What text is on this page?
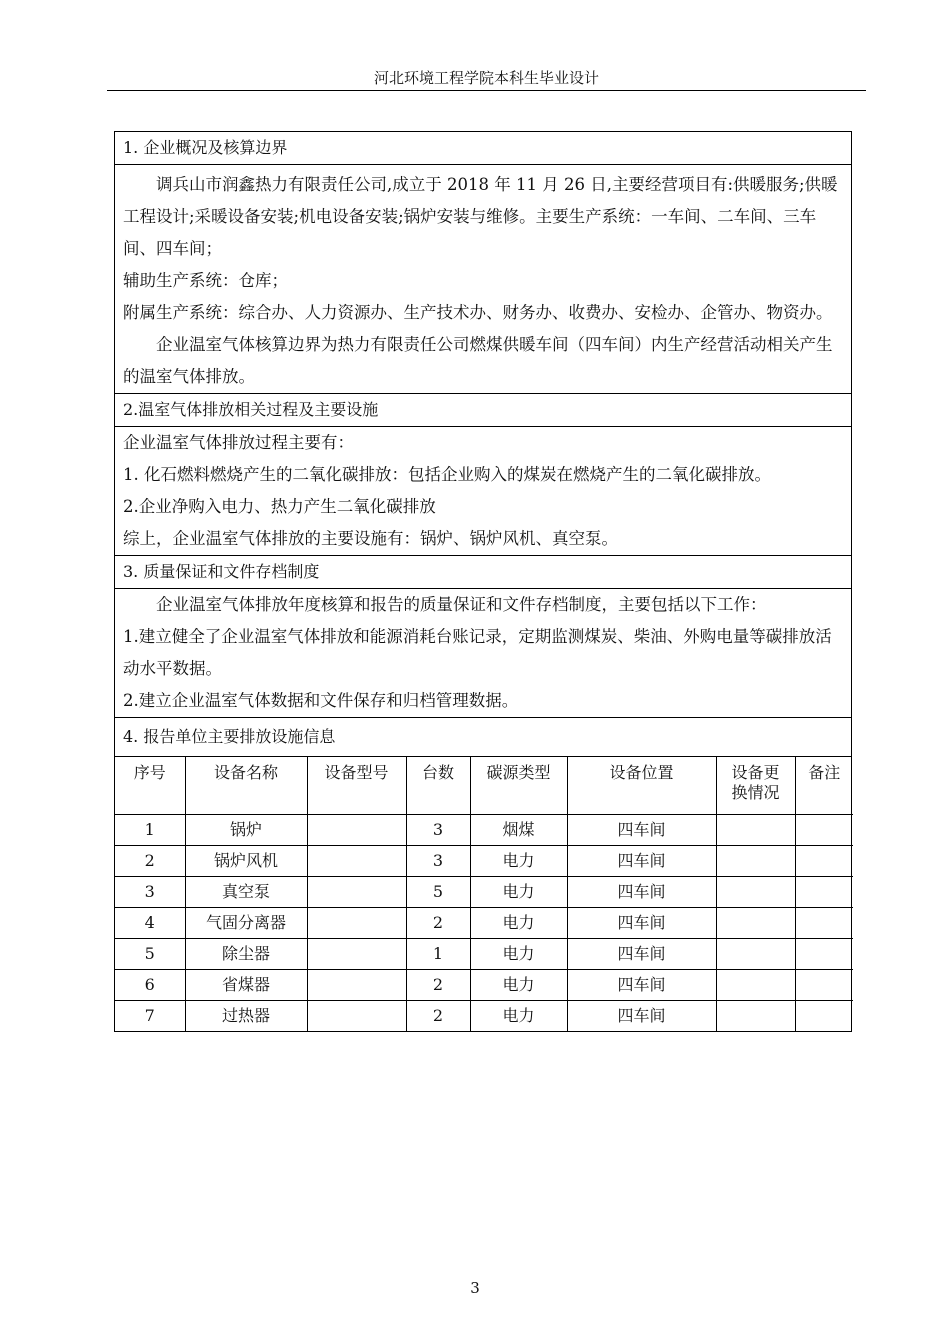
河北环境工程学院本科生毕业设计
1. 企业概况及核算边界

调兵山市润鑫热力有限责任公司,成立于 2018 年 11 月 26 日,主要经营项目有:供暖服务;供暖工程设计;采暖设备安装;机电设备安装;锅炉安装与维修。主要生产系统：一车间、二车间、三车间、四车间；

辅助生产系统：仓库；

附属生产系统：综合办、人力资源办、生产技术办、财务办、收费办、安检办、企管办、物资办。

企业温室气体核算边界为热力有限责任公司燃煤供暖车间（四车间）内生产经营活动相关产生的温室气体排放。

2.温室气体排放相关过程及主要设施

企业温室气体排放过程主要有：

1. 化石燃料燃烧产生的二氧化碳排放：包括企业购入的煤炭在燃烧产生的二氧化碳排放。

2.企业净购入电力、热力产生二氧化碳排放

综上，企业温室气体排放的主要设施有：锅炉、锅炉风机、真空泵。

3. 质量保证和文件存档制度

企业温室气体排放年度核算和报告的质量保证和文件存档制度，主要包括以下工作：

1.建立健全了企业温室气体排放和能源消耗台账记录，定期监测煤炭、柴油、外购电量等碳排放活动水平数据。

2.建立企业温室气体数据和文件保存和归档管理数据。

4. 报告单位主要排放设施信息

序号	设备名称	设备型号	台数	碳源类型	设备位置	设备更换情况	备注
1	锅炉		3	烟煤	四车间		
2	锅炉风机		3	电力	四车间		
3	真空泵		5	电力	四车间		
4	气固分离器		2	电力	四车间		
5	除尘器		1	电力	四车间		
6	省煤器		2	电力	四车间		
7	过热器		2	电力	四车间		
3
